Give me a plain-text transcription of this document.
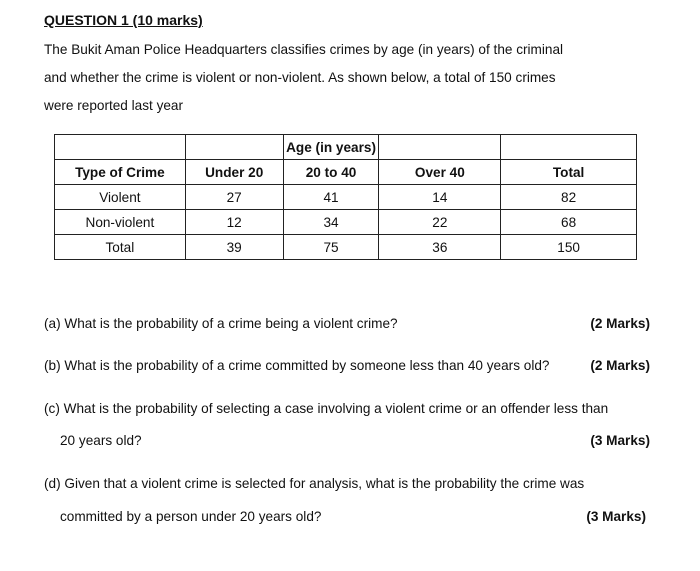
QUESTION 1 (10 marks)
The Bukit Aman Police Headquarters classifies crimes by age (in years) of the criminal
and whether the crime is violent or non-violent. As shown below, a total of 150 crimes
were reported last year
		Age (in years)		
Type of Crime	Under 20	20 to 40	Over 40	Total
Violent	27	41	14	82
Non-violent	12	34	22	68
Total	39	75	36	150
(a) What is the probability of a crime being a violent crime?	(2 Marks)
(b) What is the probability of a crime committed by someone less than 40 years old?	(2 Marks)
(c) What is the probability of selecting a case involving a violent crime or an offender less than
20 years old?	(3 Marks)
(d) Given that a violent crime is selected for analysis, what is the probability the crime was
committed by a person under 20 years old?	(3 Marks)
